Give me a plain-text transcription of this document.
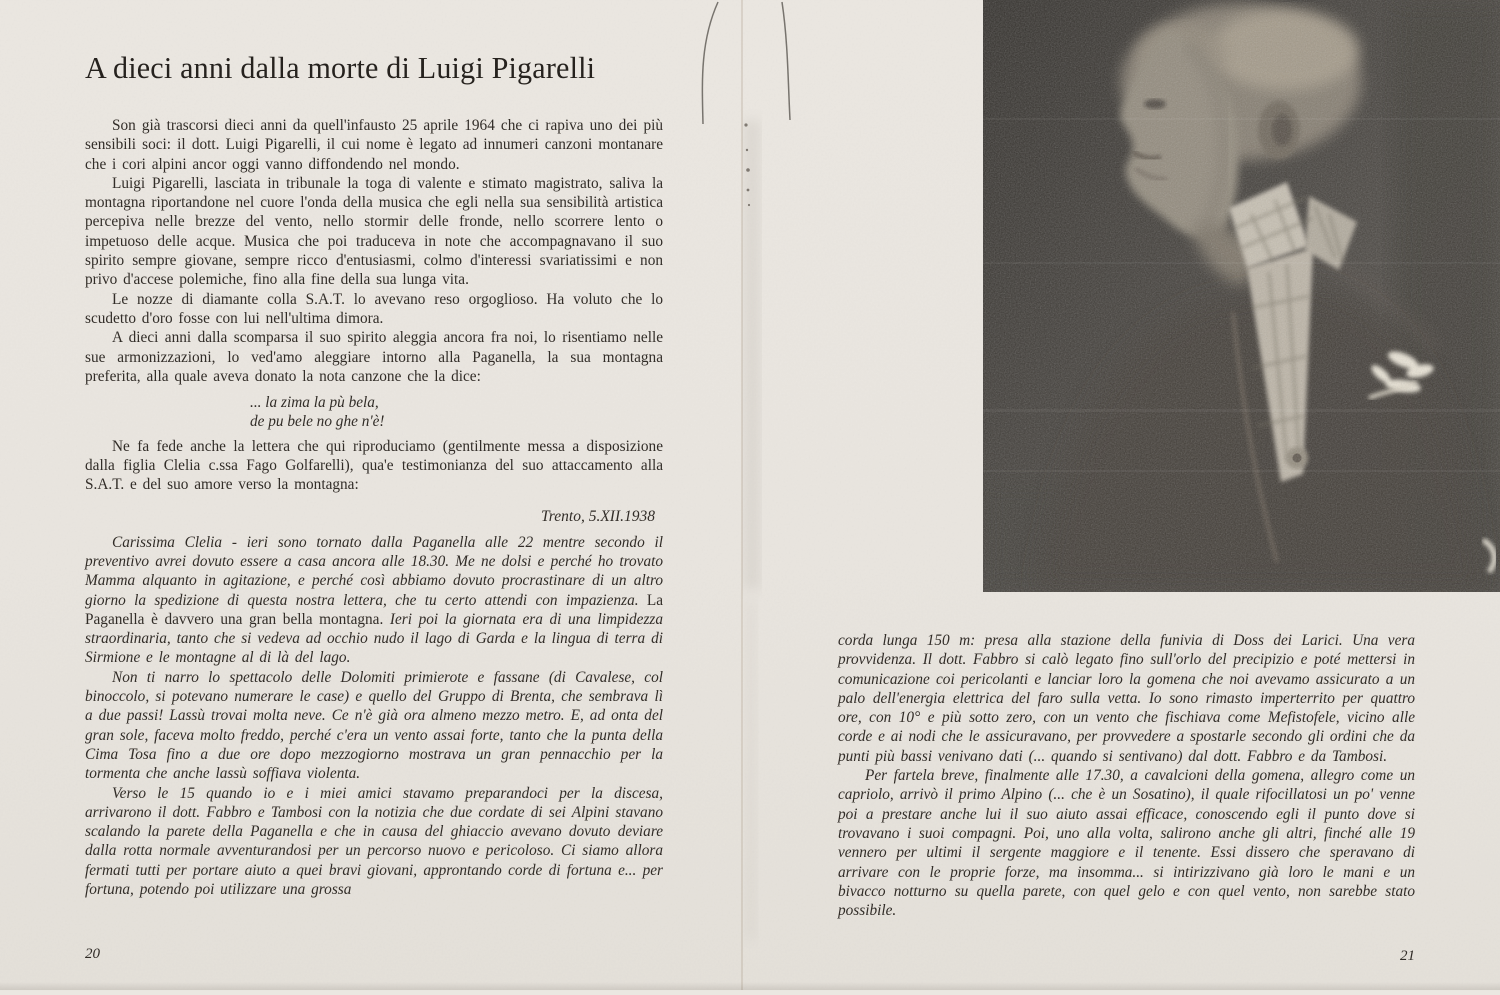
A dieci anni dalla morte di Luigi Pigarelli

Son già trascorsi dieci anni da quell'infausto 25 aprile 1964 che ci rapiva uno dei più sensibili soci: il dott. Luigi Pigarelli, il cui nome è legato ad innumeri canzoni montanare che i cori alpini ancor oggi vanno diffondendo nel mondo.

Luigi Pigarelli, lasciata in tribunale la toga di valente e stimato magistrato, saliva la montagna riportandone nel cuore l'onda della musica che egli nella sua sensibilità artistica percepiva nelle brezze del vento, nello stormir delle fronde, nello scorrere lento o impetuoso delle acque. Musica che poi traduceva in note che accompagnavano il suo spirito sempre giovane, sempre ricco d'entusiasmi, colmo d'interessi svariatissimi e non privo d'accese polemiche, fino alla fine della sua lunga vita.

Le nozze di diamante colla S.A.T. lo avevano reso orgoglioso. Ha voluto che lo scudetto d'oro fosse con lui nell'ultima dimora.

A dieci anni dalla scomparsa il suo spirito aleggia ancora fra noi, lo risentiamo nelle sue armonizzazioni, lo ved'amo aleggiare intorno alla Paganella, la sua montagna preferita, alla quale aveva donato la nota canzone che la dice:

... la zima la pù bela,
de pu bele no ghe n'è!

Ne fa fede anche la lettera che qui riproduciamo (gentilmente messa a disposizione dalla figlia Clelia c.ssa Fago Golfarelli), qua'e testimonianza del suo attaccamento alla S.A.T. e del suo amore verso la montagna:

Trento, 5.XII.1938

Carissima Clelia - ieri sono tornato dalla Paganella alle 22 mentre secondo il preventivo avrei dovuto essere a casa ancora alle 18.30. Me ne dolsi e perché ho trovato Mamma alquanto in agitazione, e perché così abbiamo dovuto procrastinare di un altro giorno la spedizione di questa nostra lettera, che tu certo attendi con impazienza. La Paganella è davvero una gran bella montagna. Ieri poi la giornata era di una limpidezza straordinaria, tanto che si vedeva ad occhio nudo il lago di Garda e la lingua di terra di Sirmione e le montagne al di là del lago.

Non ti narro lo spettacolo delle Dolomiti primierote e fassane (di Cavalese, col binoccolo, si potevano numerare le case) e quello del Gruppo di Brenta, che sembrava lì a due passi! Lassù trovai molta neve. Ce n'è già ora almeno mezzo metro. E, ad onta del gran sole, faceva molto freddo, perché c'era un vento assai forte, tanto che la punta della Cima Tosa fino a due ore dopo mezzogiorno mostrava un gran pennacchio per la tormenta che anche lassù soffiava violenta.

Verso le 15 quando io e i miei amici stavamo preparandoci per la discesa, arrivarono il dott. Fabbro e Tambosi con la notizia che due cordate di sei Alpini stavano scalando la parete della Paganella e che in causa del ghiaccio avevano dovuto deviare dalla rotta normale avventurandosi per un percorso nuovo e pericoloso. Ci siamo allora fermati tutti per portare aiuto a quei bravi giovani, approntando corde di fortuna e... per fortuna, potendo poi utilizzare una grossa

20

corda lunga 150 m: presa alla stazione della funivia di Doss dei Larici. Una vera provvidenza. Il dott. Fabbro si calò legato fino sull'orlo del precipizio e poté mettersi in comunicazione coi pericolanti e lanciar loro la gomena che noi avevamo assicurato a un palo dell'energia elettrica del faro sulla vetta. Io sono rimasto imperterrito per quattro ore, con 10° e più sotto zero, con un vento che fischiava come Mefistofele, vicino alle corde e ai nodi che le assicuravano, per provvedere a spostarle secondo gli ordini che da punti più bassi venivano dati (... quando si sentivano) dal dott. Fabbro e da Tambosi.

Per fartela breve, finalmente alle 17.30, a cavalcioni della gomena, allegro come un capriolo, arrivò il primo Alpino (... che è un Sosatino), il quale rifocillatosi un po' venne poi a prestare anche lui il suo aiuto assai efficace, conoscendo egli il punto dove si trovavano i suoi compagni. Poi, uno alla volta, salirono anche gli altri, finché alle 19 vennero per ultimi il sergente maggiore e il tenente. Essi dissero che speravano di arrivare con le proprie forze, ma insomma... si intirizzivano già loro le mani e un bivacco notturno su quella parete, con quel gelo e con quel vento, non sarebbe stato possibile.

21
